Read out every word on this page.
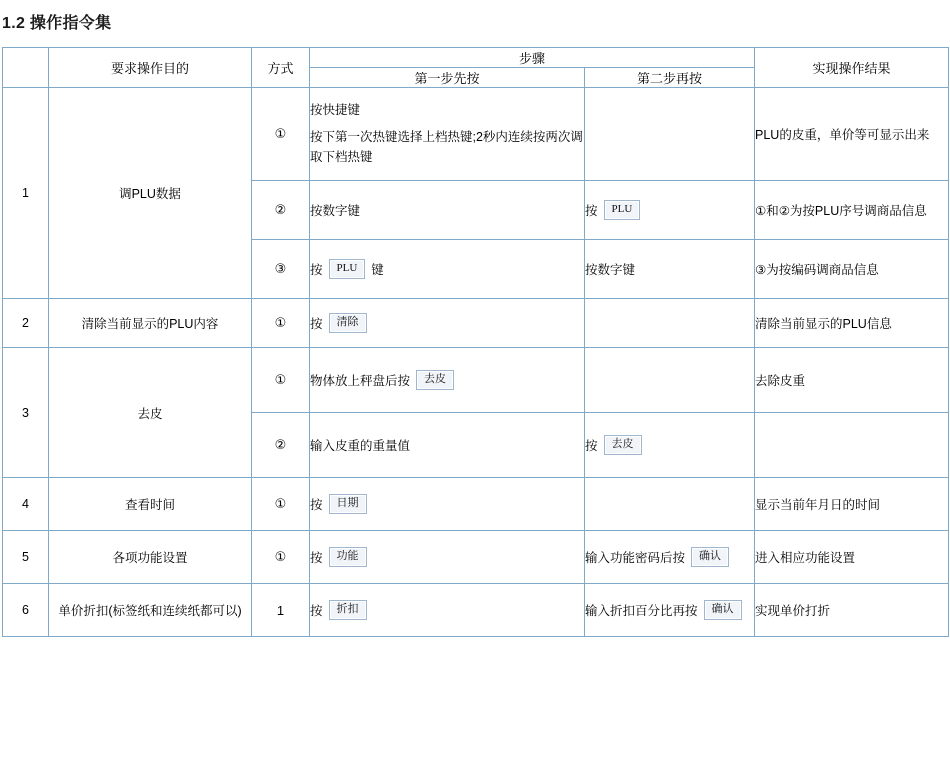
1.2 操作指令集
	要求操作目的	方式	步骤		实现操作结果
			第一步先按	第二步再按	
1	调PLU数据	①	按快捷键

按下第一次热键选择上档热键;2秒内连续按两次调取下档热键		PLU的皮重，单价等可显示出来
		②	按数字键	按 PLU	①和②为按PLU序号调商品信息
		③	按 PLU 键	按数字键	③为按编码调商品信息
2	清除当前显示的PLU内容	①	按 清除		清除当前显示的PLU信息
3	去皮	①	物体放上秤盘后按 去皮		去除皮重
		②	输入皮重的重量值	按 去皮	

4	查看时间	①	按 日期		显示当前年月日的时间
5	各项功能设置	①	按 功能	输入功能密码后按 确认	进入相应功能设置
6	单价折扣(标签纸和连续纸都可以)	1	按 折扣	输入折扣百分比再按 确认	实现单价打折
